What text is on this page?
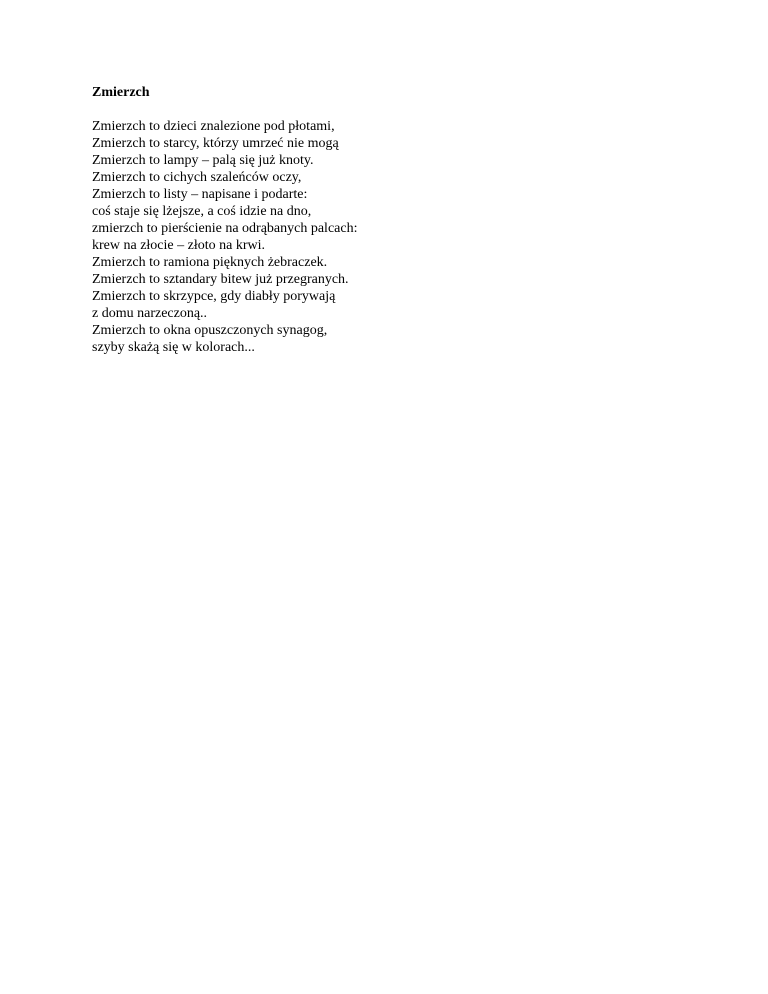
Zmierzch
Zmierzch to dzieci znalezione pod płotami,
Zmierzch to starcy, którzy umrzeć nie mogą
Zmierzch to lampy – palą się już knoty.
Zmierzch to cichych szaleńców oczy,
Zmierzch to listy – napisane i podarte:
coś staje się lżejsze, a coś idzie na dno,
zmierzch to pierścienie na odrąbanych palcach:
krew na złocie – złoto na krwi.
Zmierzch to ramiona pięknych żebraczek.
Zmierzch to sztandary bitew już przegranych.
Zmierzch to skrzypce, gdy diabły porywają
z domu narzeczoną..
Zmierzch to okna opuszczonych synagog,
szyby skażą się w kolorach...
